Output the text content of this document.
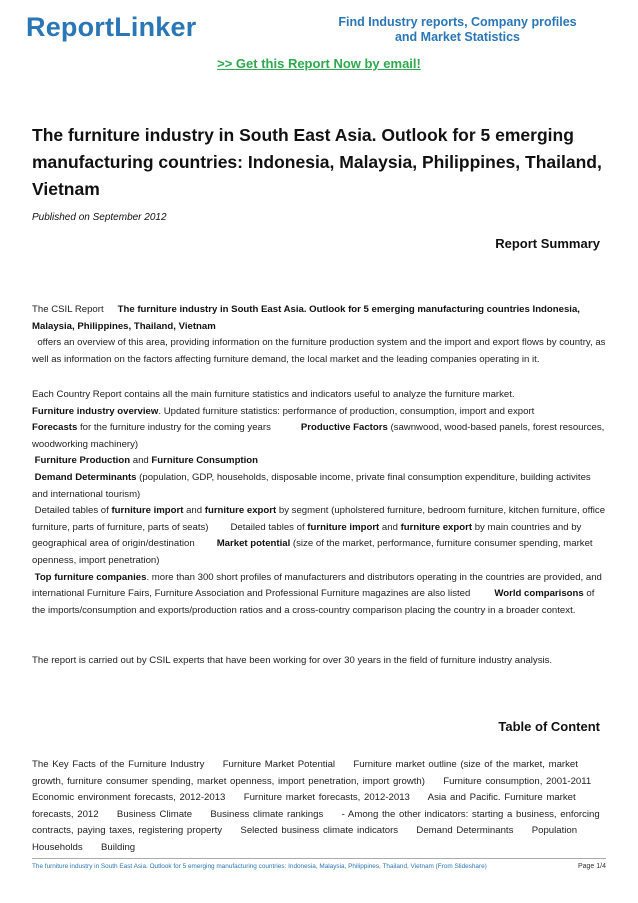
ReportLinker	Find Industry reports, Company profiles
and Market Statistics
>> Get this Report Now by email!
The furniture industry in South East Asia. Outlook for 5 emerging manufacturing countries: Indonesia, Malaysia, Philippines, Thailand, Vietnam
Published on September 2012
Report Summary
The CSIL Report The furniture industry in South East Asia. Outlook for 5 emerging manufacturing countries Indonesia, Malaysia, Philippines, Thailand, Vietnam
offers an overview of this area, providing information on the furniture production system and the import and export flows by country, as well as information on the factors affecting furniture demand, the local market and the leading companies operating in it.
Each Country Report contains all the main furniture statistics and indicators useful to analyze the furniture market.
Furniture industry overview. Updated furniture statistics: performance of production, consumption, import and export
Forecasts for the furniture industry for the coming years	Productive Factors (sawnwood, wood-based panels, forest resources, woodworking machinery)
Furniture Production and Furniture Consumption
Demand Determinants (population, GDP, households, disposable income, private final consumption expenditure, building activites and international tourism)
Detailed tables of furniture import and furniture export by segment (upholstered furniture, bedroom furniture, kitchen furniture, office furniture, parts of furniture, parts of seats) Detailed tables of furniture import and furniture export by main countries and by geographical area of origin/destination Market potential (size of the market, performance, furniture consumer spending, market openness, import penetration)
Top furniture companies. more than 300 short profiles of manufacturers and distributors operating in the countries are provided, and international Furniture Fairs, Furniture Association and Professional Furniture magazines are also listed	World comparisons of the imports/consumption and exports/production ratios and a cross-country comparison placing the country in a broader context.
The report is carried out by CSIL experts that have been working for over 30 years in the field of furniture industry analysis.
Table of Content
The Key Facts of the Furniture Industry     Furniture Market Potential     Furniture market outline (size of the market, market growth, furniture consumer spending, market openness, import penetration, import growth)     Furniture consumption, 2001-2011     Economic environment forecasts, 2012-2013     Furniture market forecasts, 2012-2013     Asia and Pacific. Furniture market forecasts, 2012     Business Climate     Business climate rankings     - Among the other indicators: starting a business, enforcing contracts, paying taxes, registering property     Selected business climate indicators     Demand Determinants     Population     Households     Building
The furniture industry in South East Asia. Outlook for 5 emerging manufacturing countries: Indonesia, Malaysia, Philippines, Thailand, Vietnam (From Slideshare)	Page 1/4
